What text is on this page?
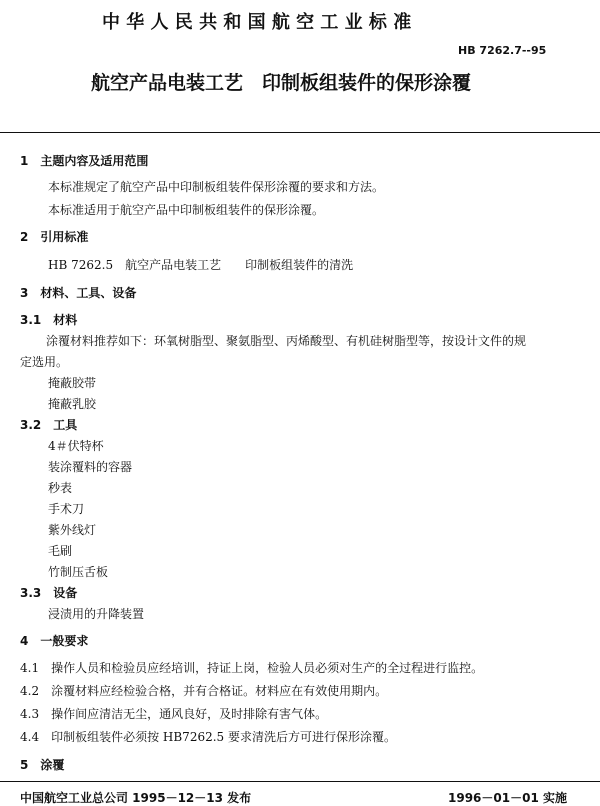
中 华 人 民 共 和 国 航 空 工 业 标 准
HB 7262.7--95
航空产品电装工艺　印制板组装件的保形涂覆
1　主题内容及适用范围
本标准规定了航空产品中印制板组装件保形涂覆的要求和方法。
本标准适用于航空产品中印制板组装件的保形涂覆。
2　引用标准
HB 7262.5　航空产品电装工艺　　印制板组装件的清洗
3　材料、工具、设备
3.1　材料
涂覆材料推荐如下：环氧树脂型、聚氨脂型、丙烯酸型、有机硅树脂型等，按设计文件的规
定选用。
掩蔽胶带
掩蔽乳胶
3.2　工具
4＃伏特杯
装涂覆料的容器
秒表
手术刀
紫外线灯
毛刷
竹制压舌板
3.3　设备
浸渍用的升降装置
4　一般要求
4.1　操作人员和检验员应经培训，持证上岗，检验人员必须对生产的全过程进行监控。
4.2　涂覆材料应经检验合格，并有合格证。材料应在有效使用期内。
4.3　操作间应清洁无尘，通风良好，及时排除有害气体。
4.4　印制板组装件必须按 HB7262.5 要求清洗后方可进行保形涂覆。
5　涂覆
中国航空工业总公司 1995－12－13 发布	1996－01－01 实施
